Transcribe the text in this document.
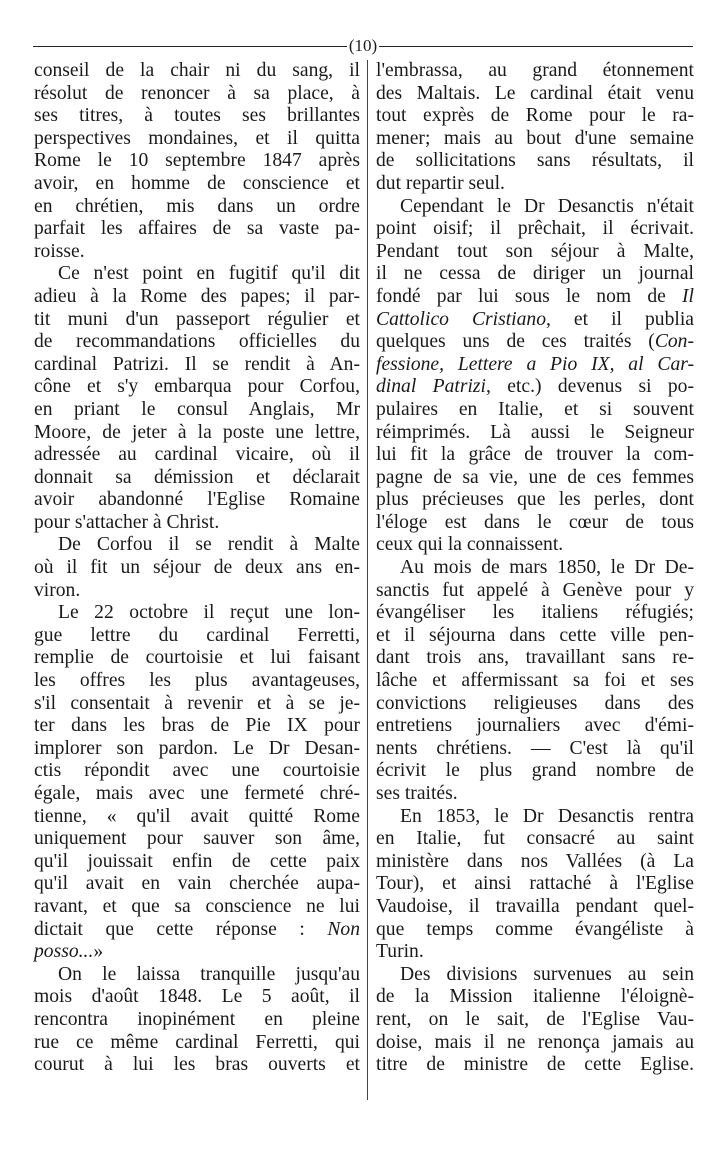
(10)
conseil de la chair ni du sang, il
résolut de renoncer à sa place, à
ses titres, à toutes ses brillantes
perspectives mondaines, et il quitta
Rome le 10 septembre 1847 après
avoir, en homme de conscience et
en chrétien, mis dans un ordre
parfait les affaires de sa vaste pa-
roisse.
Ce n'est point en fugitif qu'il dit
adieu à la Rome des papes; il par-
tit muni d'un passeport régulier et
de recommandations officielles du
cardinal Patrizi. Il se rendit à An-
cône et s'y embarqua pour Corfou,
en priant le consul Anglais, Mr
Moore, de jeter à la poste une lettre,
adressée au cardinal vicaire, où il
donnait sa démission et déclarait
avoir abandonné l'Eglise Romaine
pour s'attacher à Christ.
De Corfou il se rendit à Malte
où il fit un séjour de deux ans en-
viron.
Le 22 octobre il reçut une lon-
gue lettre du cardinal Ferretti,
remplie de courtoisie et lui faisant
les offres les plus avantageuses,
s'il consentait à revenir et à se je-
ter dans les bras de Pie IX pour
implorer son pardon. Le Dr Desan-
ctis répondit avec une courtoisie
égale, mais avec une fermeté chré-
tienne, « qu'il avait quitté Rome
uniquement pour sauver son âme,
qu'il jouissait enfin de cette paix
qu'il avait en vain cherchée aupa-
ravant, et que sa conscience ne lui
dictait que cette réponse : Non
posso...»
On le laissa tranquille jusqu'au
mois d'août 1848. Le 5 août, il
rencontra inopinément en pleine
rue ce même cardinal Ferretti, qui
courut à lui les bras ouverts et
l'embrassa, au grand étonnement
des Maltais. Le cardinal était venu
tout exprès de Rome pour le ra-
mener; mais au bout d'une semaine
de sollicitations sans résultats, il
dut repartir seul.
Cependant le Dr Desanctis n'était
point oisif; il prêchait, il écrivait.
Pendant tout son séjour à Malte,
il ne cessa de diriger un journal
fondé par lui sous le nom de Il
Cattolico Cristiano, et il publia
quelques uns de ces traités (Con-
fessione, Lettere a Pio IX, al Car-
dinal Patrizi, etc.) devenus si po-
pulaires en Italie, et si souvent
réimprimés. Là aussi le Seigneur
lui fit la grâce de trouver la com-
pagne de sa vie, une de ces femmes
plus précieuses que les perles, dont
l'éloge est dans le cœur de tous
ceux qui la connaissent.
Au mois de mars 1850, le Dr De-
sanctis fut appelé à Genève pour y
évangéliser les italiens réfugiés;
et il séjourna dans cette ville pen-
dant trois ans, travaillant sans re-
lâche et affermissant sa foi et ses
convictions religieuses dans des
entretiens journaliers avec d'émi-
nents chrétiens. — C'est là qu'il
écrivit le plus grand nombre de
ses traités.
En 1853, le Dr Desanctis rentra
en Italie, fut consacré au saint
ministère dans nos Vallées (à La
Tour), et ainsi rattaché à l'Eglise
Vaudoise, il travailla pendant quel-
que temps comme évangéliste à
Turin.
Des divisions survenues au sein
de la Mission italienne l'éloignè-
rent, on le sait, de l'Eglise Vau-
doise, mais il ne renonça jamais au
titre de ministre de cette Eglise.
